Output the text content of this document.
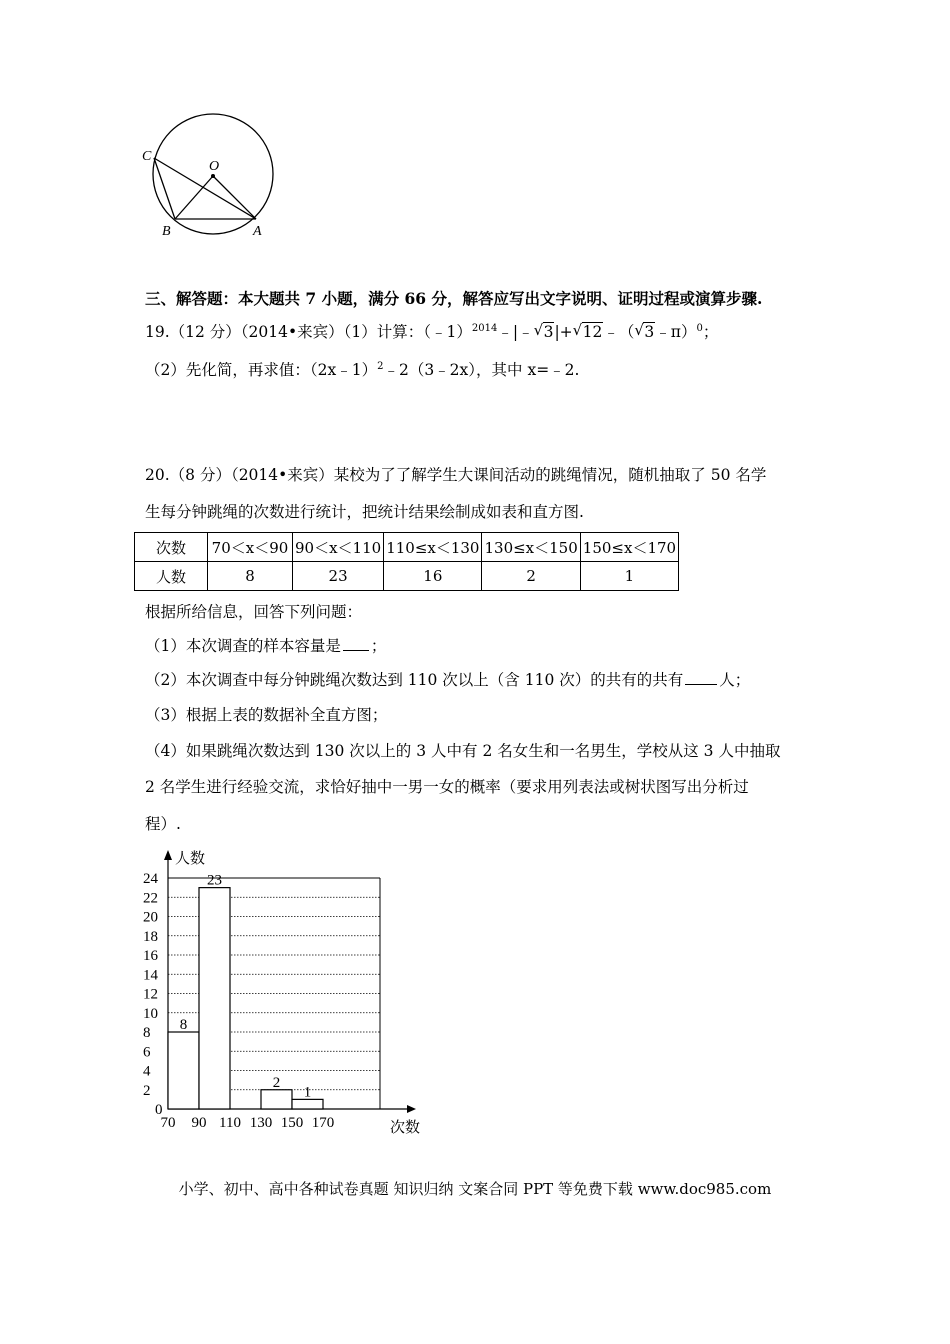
C
O
B	A
三、解答题：本大题共 7 小题，满分 66 分，解答应写出文字说明、证明过程或演算步骤.
19.（12 分）（2014•来宾）（1）计算：（﹣1）$^{2014}$﹣|﹣ √ 3|+ √ 12﹣（ √ 3﹣π）$^0$；
（2）先化简，再求值：（2x﹣1）$^2$﹣2（3﹣2x），其中 x=﹣2.
20.（8 分）（2014•来宾）某校为了了解学生大课间活动的跳绳情况，随机抽取了 50 名学
生每分钟跳绳的次数进行统计，把统计结果绘制成如表和直方图.
次数	70＜x＜90	90＜x＜110	110≤x＜130	130≤x＜150	150≤x＜170
人数	8	23	16	2	1
根据所给信息，回答下列问题：
（1）本次调查的样本容量是 ；
（2）本次调查中每分钟跳绳次数达到 110 次以上（含 110 次）的共有的共有 人；
（3）根据上表的数据补全直方图；
（4）如果跳绳次数达到 130 次以上的 3 人中有 2 名女生和一名男生，学校从这 3 人中抽取
2 名学生进行经验交流，求恰好抽中一男一女的概率（要求用列表法或树状图写出分析过
程）.
0
2
4
6
8
10
12
14
16
18
20
22
24
人数
次数
70 90 110 130 150 170
8
23
2
1
小学、初中、高中各种试卷真题 知识归纳 文案合同 PPT 等免费下载 www.doc985.com
